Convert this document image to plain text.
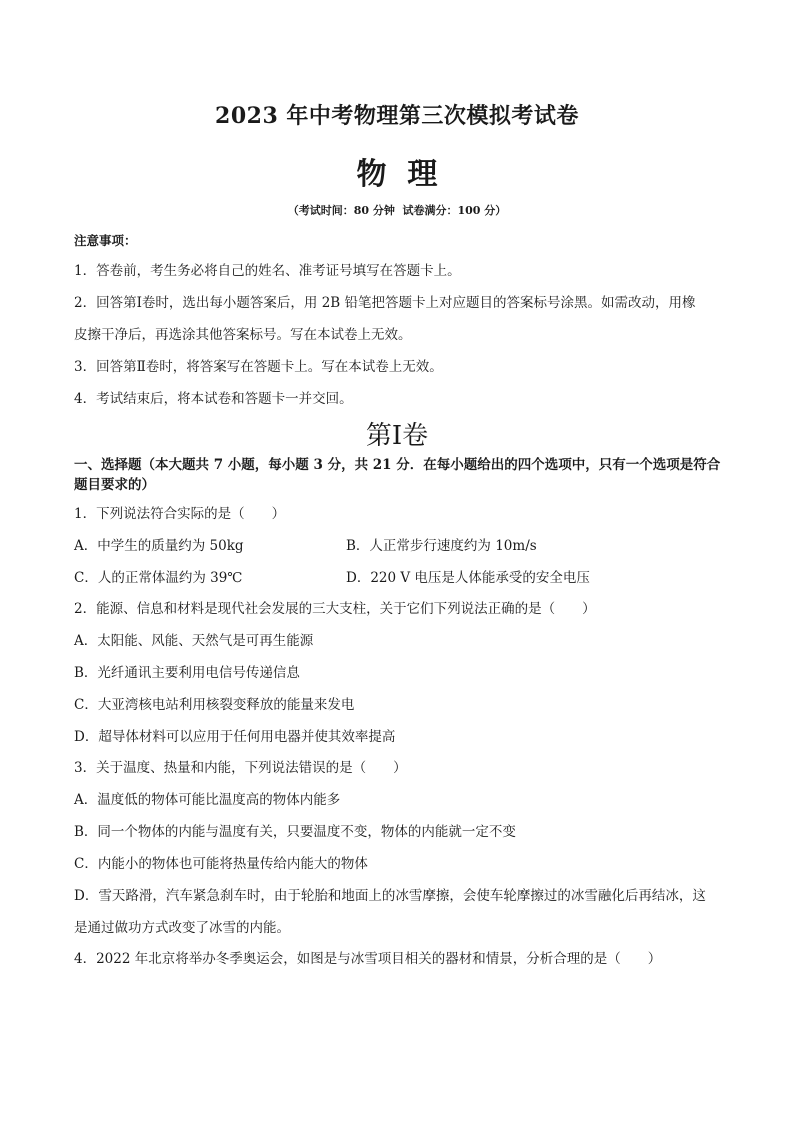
2023 年中考物理第三次模拟考试卷
物  理
（考试时间：80 分钟  试卷满分：100 分）
注意事项：
1．答卷前，考生务必将自己的姓名、准考证号填写在答题卡上。
2．回答第Ⅰ卷时，选出每小题答案后，用 2B 铅笔把答题卡上对应题目的答案标号涂黑。如需改动，用橡
皮擦干净后，再选涂其他答案标号。写在本试卷上无效。
3．回答第Ⅱ卷时，将答案写在答题卡上。写在本试卷上无效。
4．考试结束后，将本试卷和答题卡一并交回。
第Ⅰ卷
一、选择题（本大题共 7 小题，每小题 3 分，共 21 分．在每小题给出的四个选项中，只有一个选项是符合
题目要求的）
1．下列说法符合实际的是（　　）
A．中学生的质量约为 50kg	B．人正常步行速度约为 10m/s
C．人的正常体温约为 39℃	D．220 V 电压是人体能承受的安全电压
2．能源、信息和材料是现代社会发展的三大支柱，关于它们下列说法正确的是（　　）
A．太阳能、风能、天然气是可再生能源
B．光纤通讯主要利用电信号传递信息
C．大亚湾核电站利用核裂变释放的能量来发电
D．超导体材料可以应用于任何用电器并使其效率提高
3．关于温度、热量和内能，下列说法错误的是（　　）
A．温度低的物体可能比温度高的物体内能多
B．同一个物体的内能与温度有关，只要温度不变，物体的内能就一定不变
C．内能小的物体也可能将热量传给内能大的物体
D．雪天路滑，汽车紧急刹车时，由于轮胎和地面上的冰雪摩擦，会使车轮摩擦过的冰雪融化后再结冰，这
是通过做功方式改变了冰雪的内能。
4．2022 年北京将举办冬季奥运会，如图是与冰雪项目相关的器材和情景，分析合理的是（　　）
